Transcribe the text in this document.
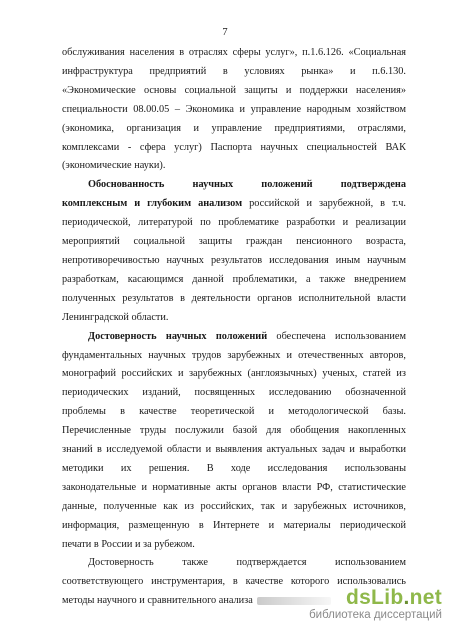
7
обслуживания населения в отраслях сферы услуг», п.1.6.126. «Социальная
инфраструктура предприятий в условиях рынка» и п.6.130.
«Экономические основы социальной защиты и поддержки населения»
специальности 08.00.05 – Экономика и управление народным хозяйством
(экономика, организация и управление предприятиями, отраслями,
комплексами - сфера услуг) Паспорта научных специальностей ВАК
(экономические науки).
Обоснованность научных положений подтверждена
комплексным и глубоким анализом российской и зарубежной, в т.ч.
периодической, литературой по проблематике разработки и реализации
мероприятий социальной защиты граждан пенсионного возраста,
непротиворечивостью научных результатов исследования иным научным
разработкам, касающимся данной проблематики, а также внедрением
полученных результатов в деятельности органов исполнительной власти
Ленинградской области.
Достоверность научных положений обеспечена использованием
фундаментальных научных трудов зарубежных и отечественных авторов,
монографий российских и зарубежных (англоязычных) ученых, статей из
периодических изданий, посвященных исследованию обозначенной
проблемы в качестве теоретической и методологической базы.
Перечисленные труды послужили базой для обобщения накопленных
знаний в исследуемой области и выявления актуальных задач и выработки
методики их решения. В ходе исследования использованы
законодательные и нормативные акты органов власти РФ, статистические
данные, полученные как из российских, так и зарубежных источников,
информация, размещенную в Интернете и материалы периодической
печати в России и за рубежом.
Достоверность также подтверждается использованием
соответствующего инструментария, в качестве которого использовались
методы научного и сравнительного анализа	dsLib.net
библиотека диссертаций
